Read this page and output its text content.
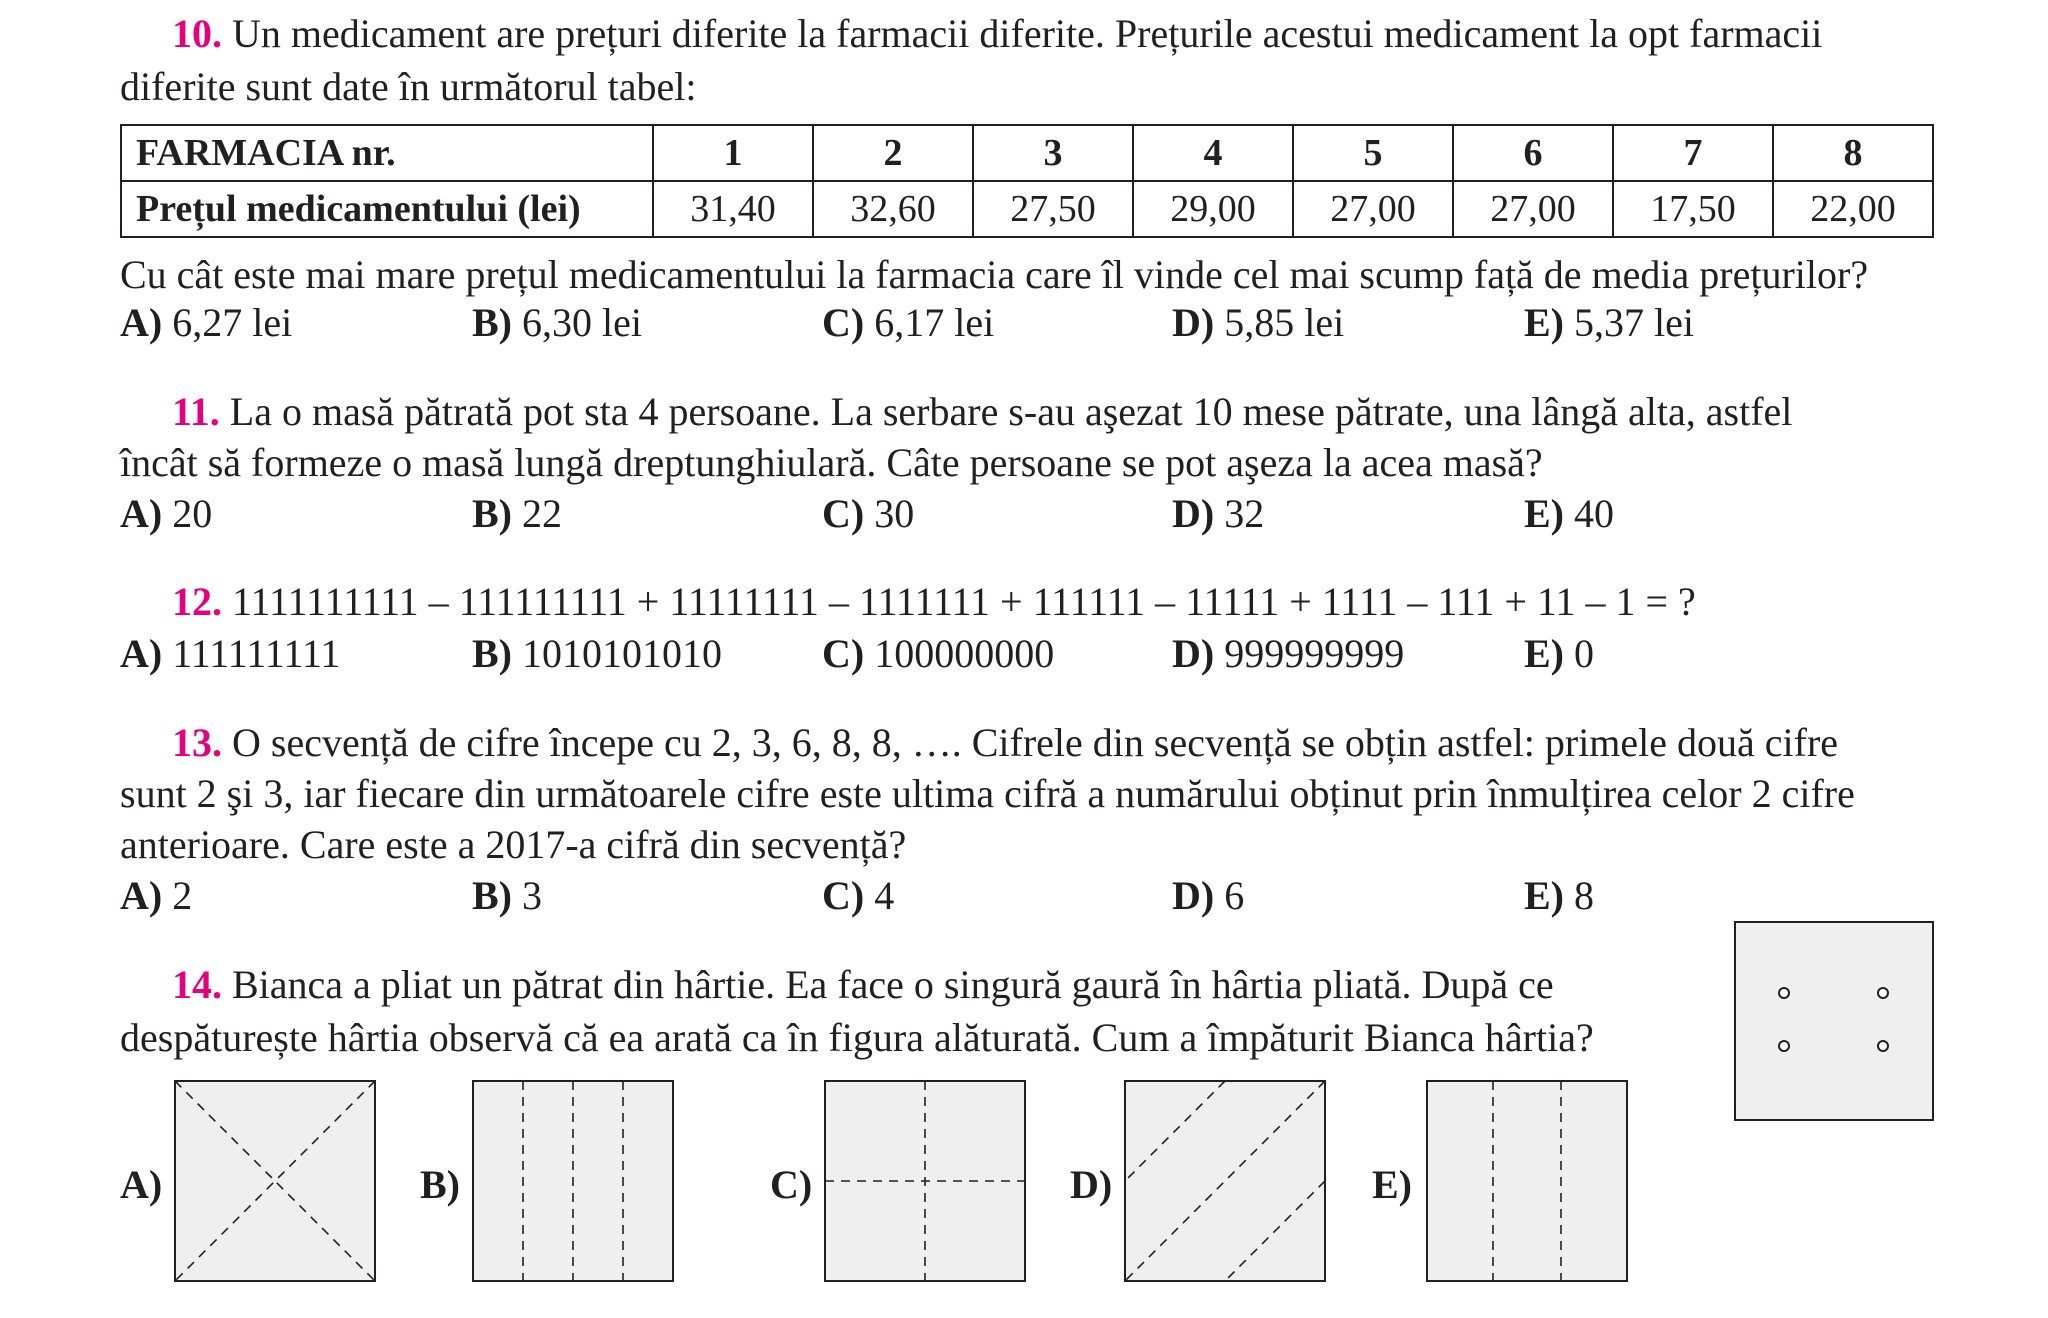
10. Un medicament are prețuri diferite la farmacii diferite. Prețurile acestui medicament la opt farmacii
diferite sunt date în următorul tabel:
FARMACIA nr.	1	2	3	4	5	6	7	8
Prețul medicamentului (lei)	31,40	32,60	27,50	29,00	27,00	27,00	17,50	22,00
Cu cât este mai mare prețul medicamentului la farmacia care îl vinde cel mai scump față de media prețurilor?
A) 6,27 lei	B) 6,30 lei	C) 6,17 lei	D) 5,85 lei	E) 5,37 lei
11. La o masă pătrată pot sta 4 persoane. La serbare s-au aşezat 10 mese pătrate, una lângă alta, astfel
încât să formeze o masă lungă dreptunghiulară. Câte persoane se pot aşeza la acea masă?
A) 20	B) 22	C) 30	D) 32	E) 40
12. 1111111111 – 111111111 + 11111111 – 1111111 + 111111 – 11111 + 1111 – 111 + 11 – 1 = ?
A) 111111111	B) 1010101010	C) 100000000	D) 999999999	E) 0
13. O secvență de cifre începe cu 2, 3, 6, 8, 8, …. Cifrele din secvență se obțin astfel: primele două cifre
sunt 2 şi 3, iar fiecare din următoarele cifre este ultima cifră a numărului obținut prin înmulțirea celor 2 cifre
anterioare. Care este a 2017-a cifră din secvență?
A) 2	B) 3	C) 4	D) 6	E) 8
14. Bianca a pliat un pătrat din hârtie. Ea face o singură gaură în hârtia pliată. După ce
despăturește hârtia observă că ea arată ca în figura alăturată. Cum a împăturit Bianca hârtia?
A)	B)	C)	D)	E)
